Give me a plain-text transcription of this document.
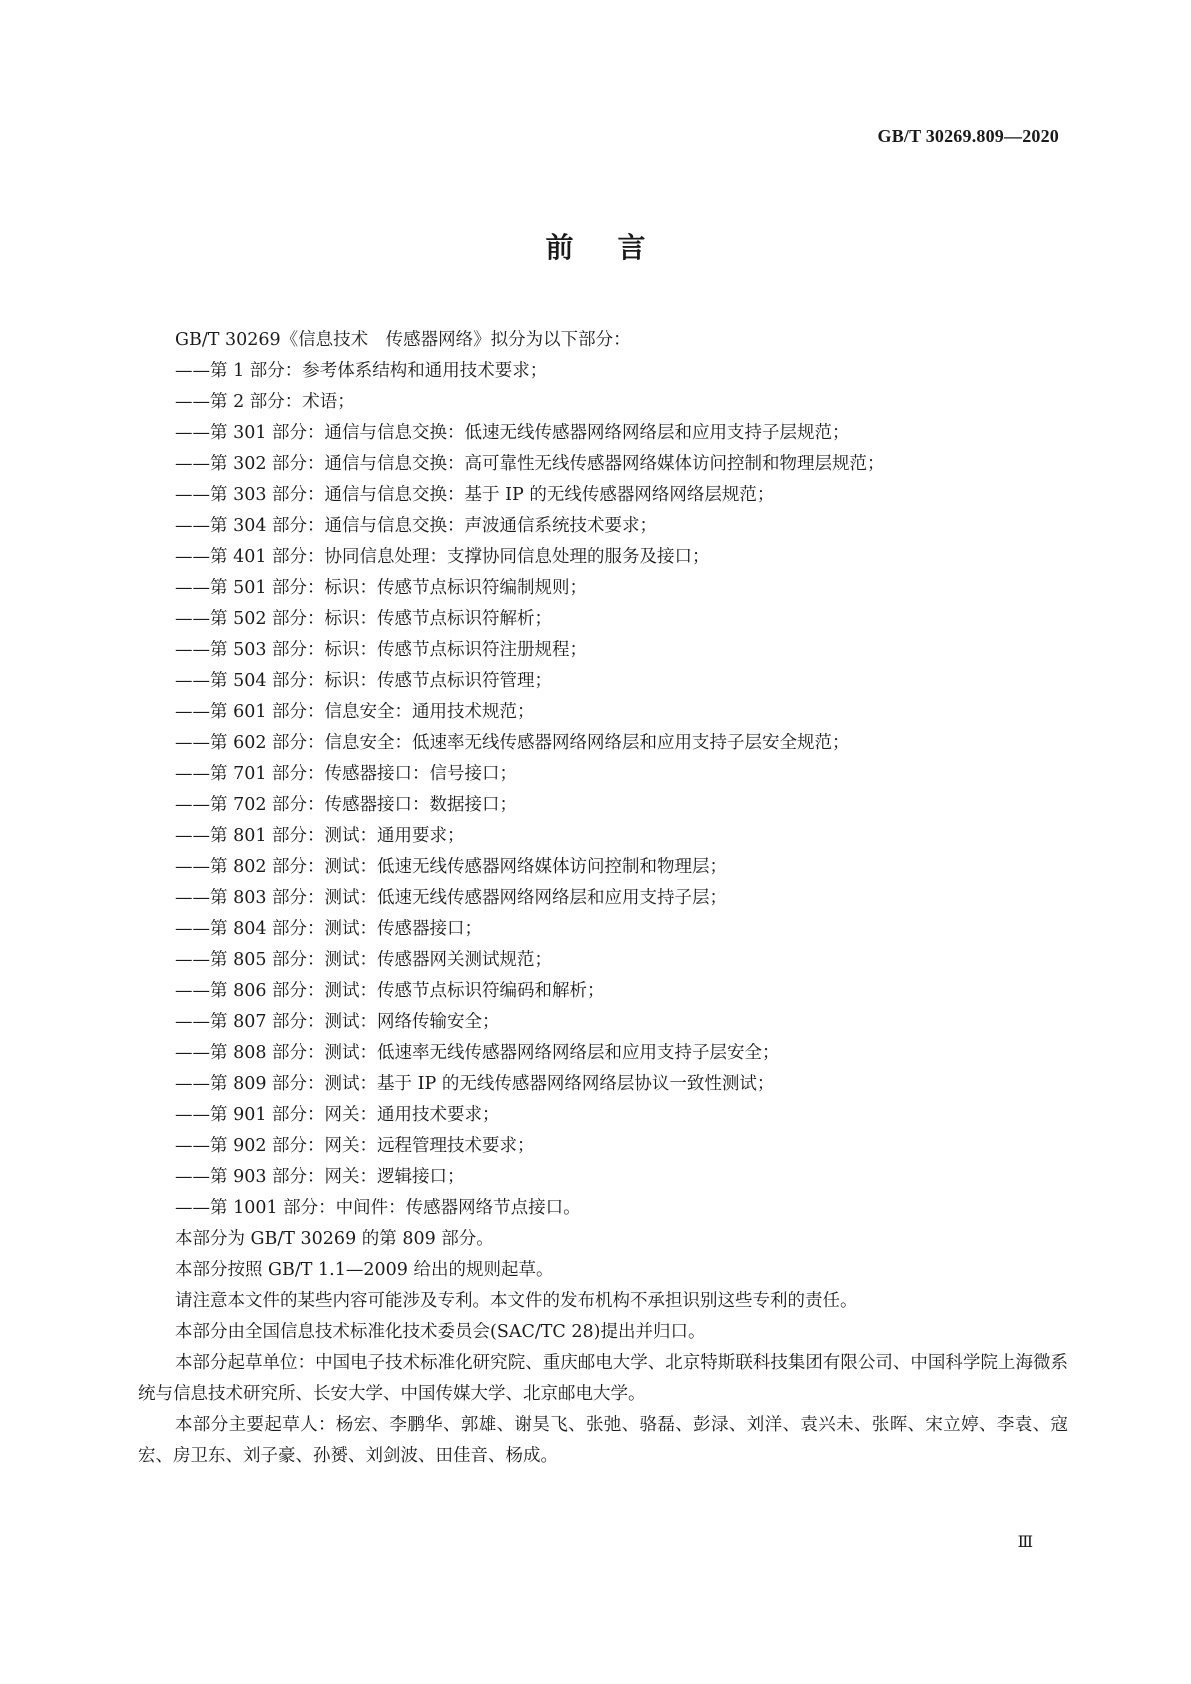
GB/T 30269.809—2020
前言
GB/T 30269《信息技术　传感器网络》拟分为以下部分：
——第 1 部分：参考体系结构和通用技术要求；
——第 2 部分：术语；
——第 301 部分：通信与信息交换：低速无线传感器网络网络层和应用支持子层规范；
——第 302 部分：通信与信息交换：高可靠性无线传感器网络媒体访问控制和物理层规范；
——第 303 部分：通信与信息交换：基于 IP 的无线传感器网络网络层规范；
——第 304 部分：通信与信息交换：声波通信系统技术要求；
——第 401 部分：协同信息处理：支撑协同信息处理的服务及接口；
——第 501 部分：标识：传感节点标识符编制规则；
——第 502 部分：标识：传感节点标识符解析；
——第 503 部分：标识：传感节点标识符注册规程；
——第 504 部分：标识：传感节点标识符管理；
——第 601 部分：信息安全：通用技术规范；
——第 602 部分：信息安全：低速率无线传感器网络网络层和应用支持子层安全规范；
——第 701 部分：传感器接口：信号接口；
——第 702 部分：传感器接口：数据接口；
——第 801 部分：测试：通用要求；
——第 802 部分：测试：低速无线传感器网络媒体访问控制和物理层；
——第 803 部分：测试：低速无线传感器网络网络层和应用支持子层；
——第 804 部分：测试：传感器接口；
——第 805 部分：测试：传感器网关测试规范；
——第 806 部分：测试：传感节点标识符编码和解析；
——第 807 部分：测试：网络传输安全；
——第 808 部分：测试：低速率无线传感器网络网络层和应用支持子层安全；
——第 809 部分：测试：基于 IP 的无线传感器网络网络层协议一致性测试；
——第 901 部分：网关：通用技术要求；
——第 902 部分：网关：远程管理技术要求；
——第 903 部分：网关：逻辑接口；
——第 1001 部分：中间件：传感器网络节点接口。
本部分为 GB/T 30269 的第 809 部分。
本部分按照 GB/T 1.1—2009 给出的规则起草。
请注意本文件的某些内容可能涉及专利。本文件的发布机构不承担识别这些专利的责任。
本部分由全国信息技术标准化技术委员会(SAC/TC 28)提出并归口。
本部分起草单位：中国电子技术标准化研究院、重庆邮电大学、北京特斯联科技集团有限公司、中国科学院上海微系统与信息技术研究所、长安大学、中国传媒大学、北京邮电大学。
本部分主要起草人：杨宏、李鹏华、郭雄、谢昊飞、张弛、骆磊、彭渌、刘洋、袁兴未、张晖、宋立婷、李袁、寇宏、房卫东、刘子豪、孙赟、刘剑波、田佳音、杨成。
Ⅲ
